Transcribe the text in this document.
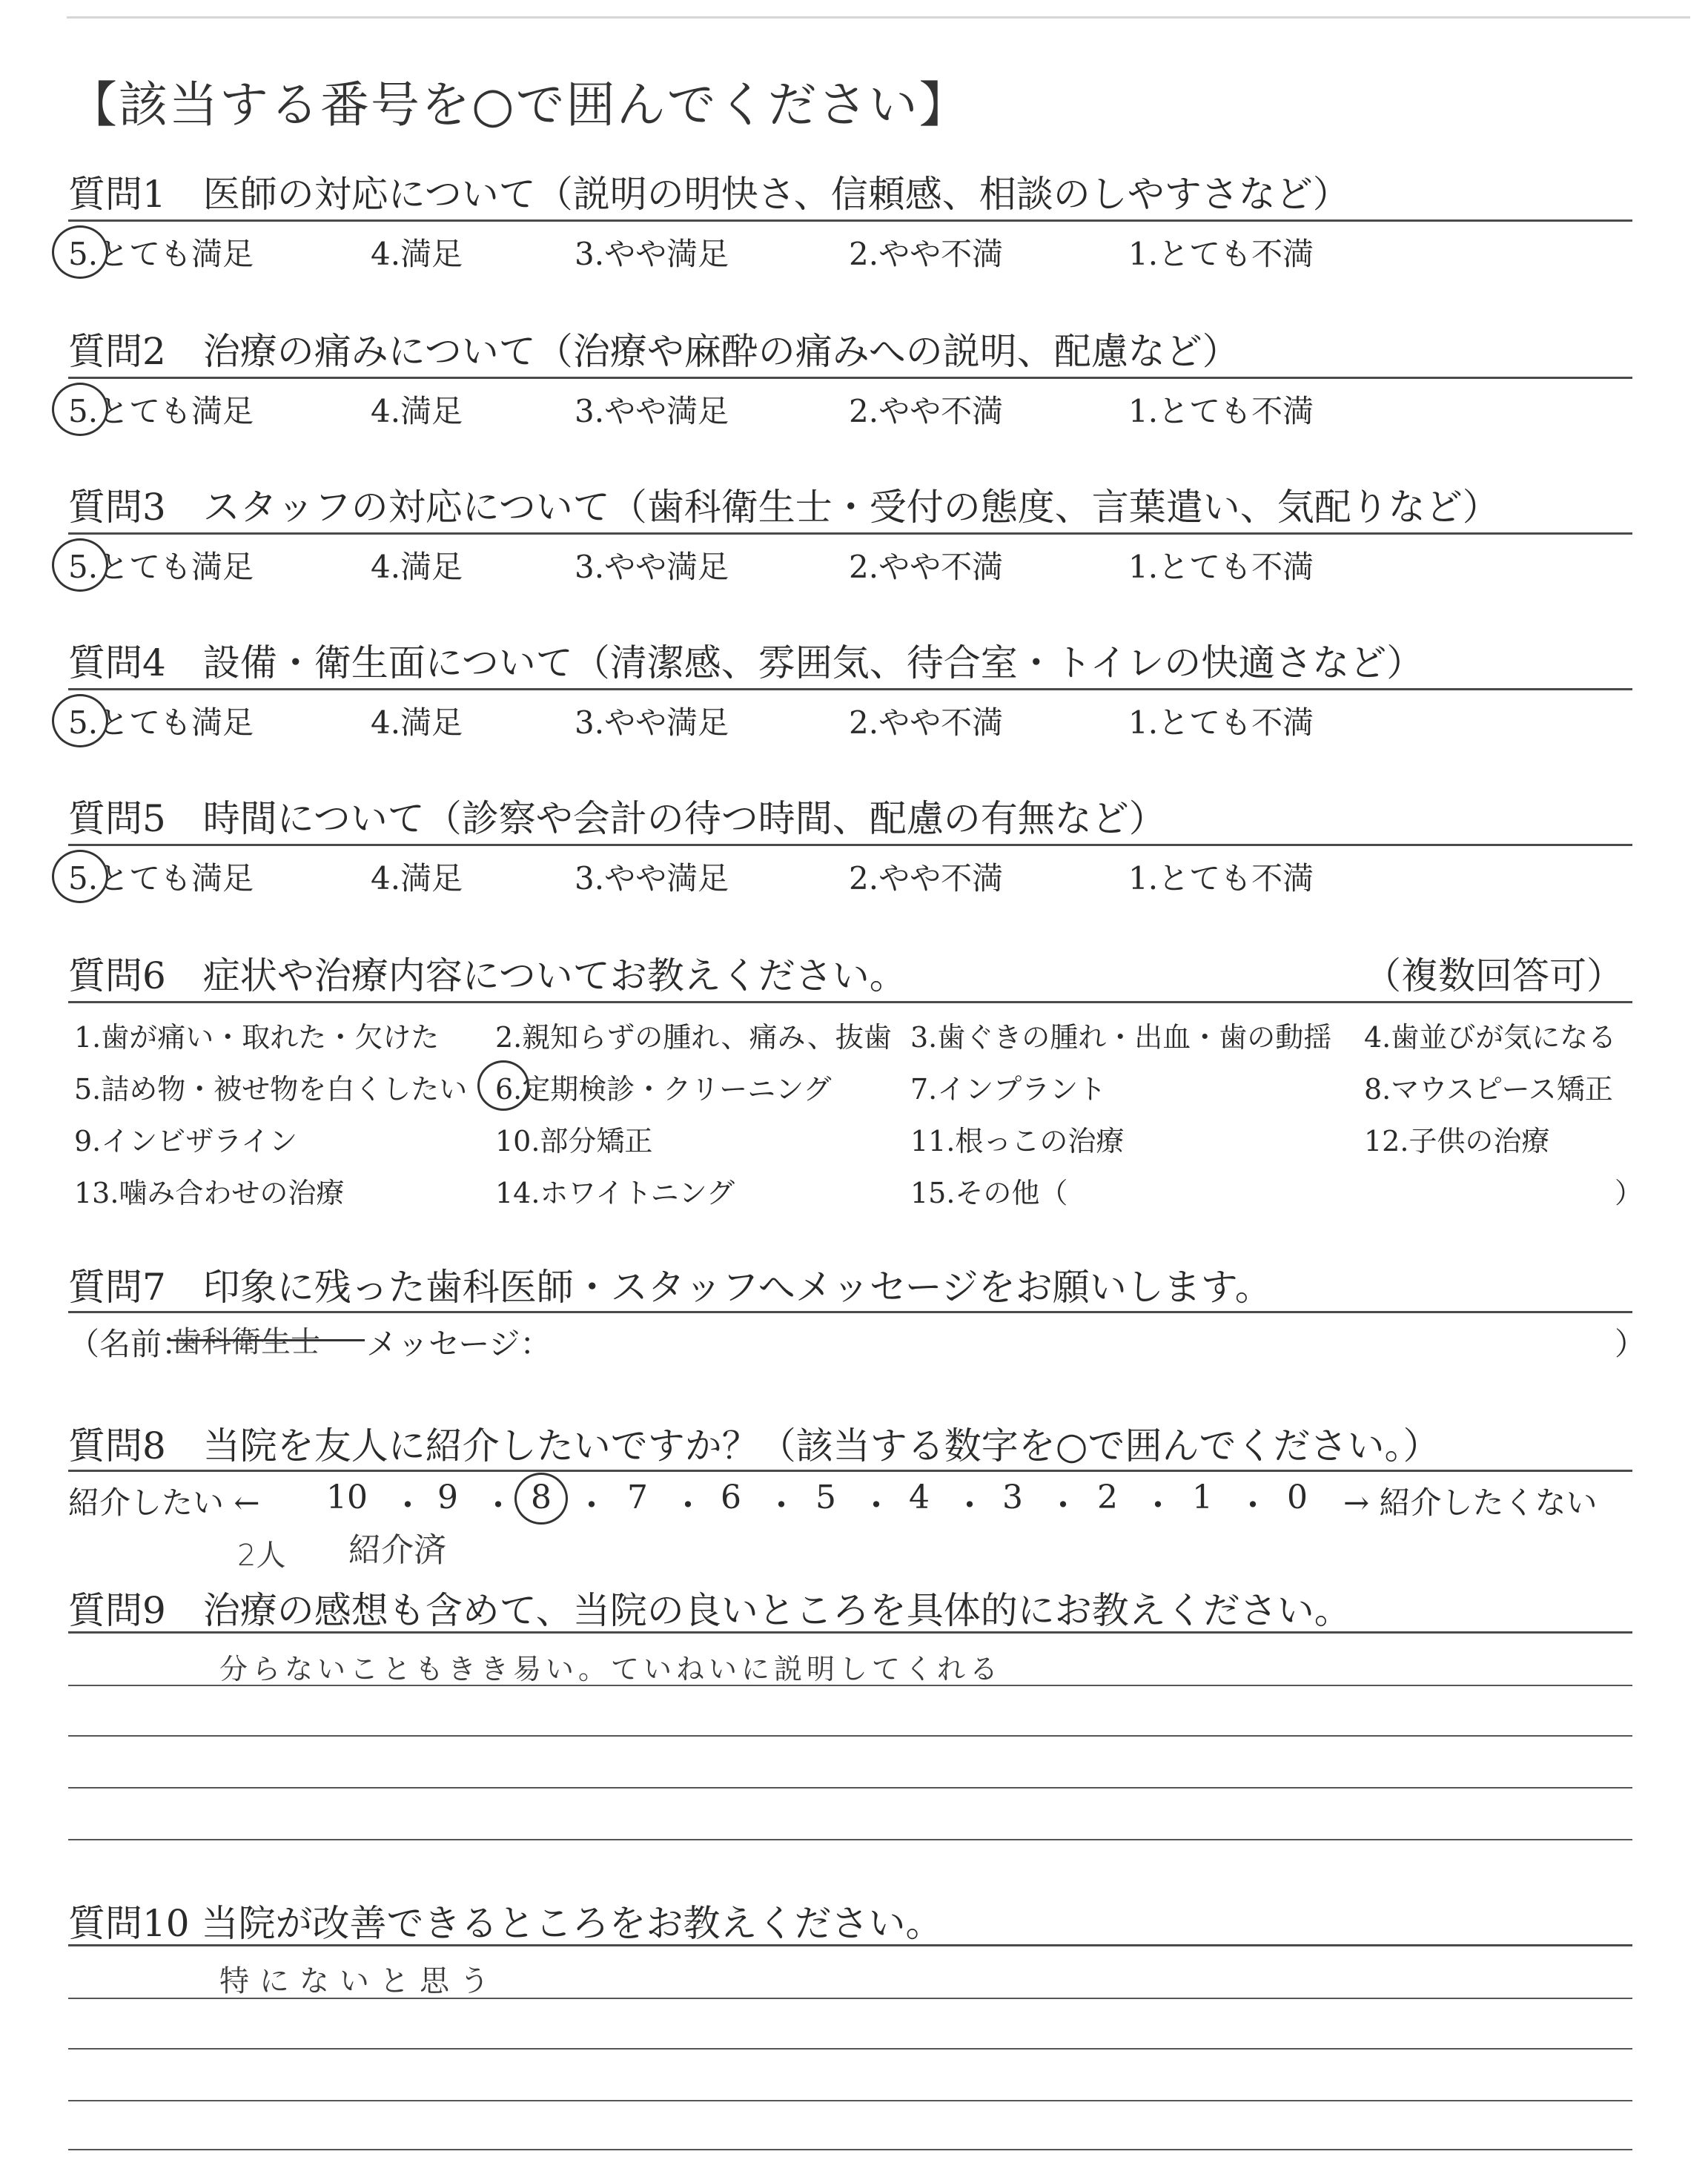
【該当する番号を○で囲んでください】
質問1　医師の対応について（説明の明快さ、信頼感、相談のしやすさなど）
5.とても満足	4.満足	3.やや満足	2.やや不満	1.とても不満
質問2　治療の痛みについて（治療や麻酔の痛みへの説明、配慮など）
5.とても満足	4.満足	3.やや満足	2.やや不満	1.とても不満
質問3　スタッフの対応について（歯科衛生士・受付の態度、言葉遣い、気配りなど）
5.とても満足	4.満足	3.やや満足	2.やや不満	1.とても不満
質問4　設備・衛生面について（清潔感、雰囲気、待合室・トイレの快適さなど）
5.とても満足	4.満足	3.やや満足	2.やや不満	1.とても不満
質問5　時間について（診察や会計の待つ時間、配慮の有無など）
5.とても満足	4.満足	3.やや満足	2.やや不満	1.とても不満
質問6　症状や治療内容についてお教えください。	（複数回答可）
1.歯が痛い・取れた・欠けた 2.親知らずの腫れ、痛み、抜歯 3.歯ぐきの腫れ・出血・歯の動揺 4.歯並びが気になる
5.詰め物・被せ物を白くしたい 6.定期検診・クリーニング	7.インプラント	8.マウスピース矯正
9.インビザライン	10.部分矯正	11.根っこの治療	12.子供の治療
13.噛み合わせの治療	14.ホワイトニング	15.その他（	）
質問7　印象に残った歯科医師・スタッフへメッセージをお願いします。
（名前：
歯科衛生士 メッセージ：	）
質問8　当院を友人に紹介したいですか？（該当する数字を○で囲んでください。）
紹介したい ← 10 ・ 9 ・ 8 ・ 7 ・ 6 ・ 5 ・ 4 ・ 3 ・ 2 ・ 1 ・ 0 → 紹介したくない
2人 紹介済
質問9　治療の感想も含めて、当院の良いところを具体的にお教えください。
分らないこともきき易い。ていねいに説明してくれる
質問10 当院が改善できるところをお教えください。
特にないと思う
